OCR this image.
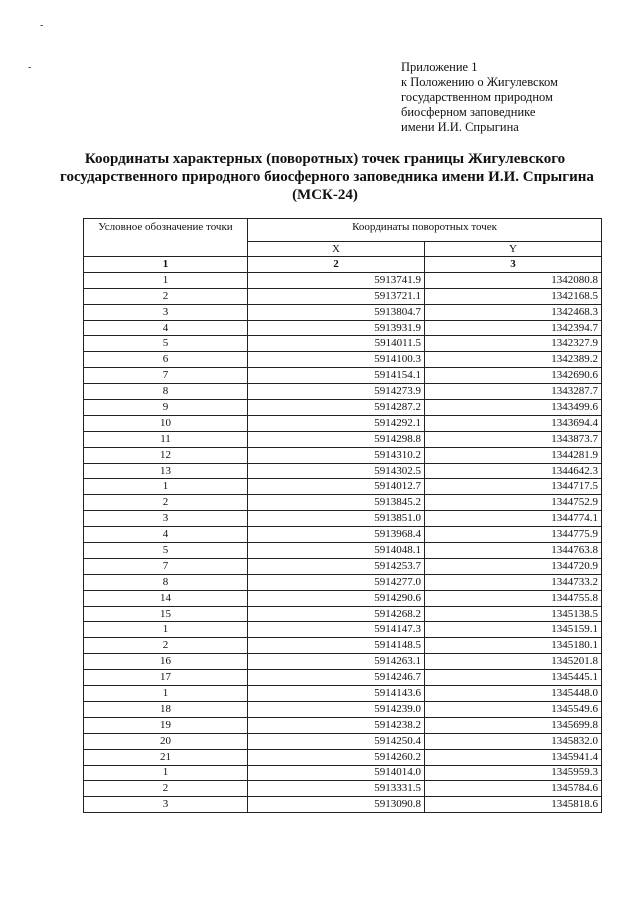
-
-	Приложение 1
к Положению о Жигулевском
государственном природном
биосферном заповеднике
имени И.И. Спрыгина
Координаты характерных (поворотных) точек границы Жигулевского
государственного природного биосферного заповедника имени И.И. Спрыгина
(МСК-24)
Условное обозначение точки	Координаты поворотных точек	
	X	Y
1	2	3
1	5913741.9	1342080.8
2	5913721.1	1342168.5
3	5913804.7	1342468.3
4	5913931.9	1342394.7
5	5914011.5	1342327.9
6	5914100.3	1342389.2
7	5914154.1	1342690.6
8	5914273.9	1343287.7
9	5914287.2	1343499.6
10	5914292.1	1343694.4
11	5914298.8	1343873.7
12	5914310.2	1344281.9
13	5914302.5	1344642.3
1	5914012.7	1344717.5
2	5913845.2	1344752.9
3	5913851.0	1344774.1
4	5913968.4	1344775.9
5	5914048.1	1344763.8
7	5914253.7	1344720.9
8	5914277.0	1344733.2
14	5914290.6	1344755.8
15	5914268.2	1345138.5
1	5914147.3	1345159.1
2	5914148.5	1345180.1
16	5914263.1	1345201.8
17	5914246.7	1345445.1
1	5914143.6	1345448.0
18	5914239.0	1345549.6
19	5914238.2	1345699.8
20	5914250.4	1345832.0
21	5914260.2	1345941.4
1	5914014.0	1345959.3
2	5913331.5	1345784.6
3	5913090.8	1345818.6
